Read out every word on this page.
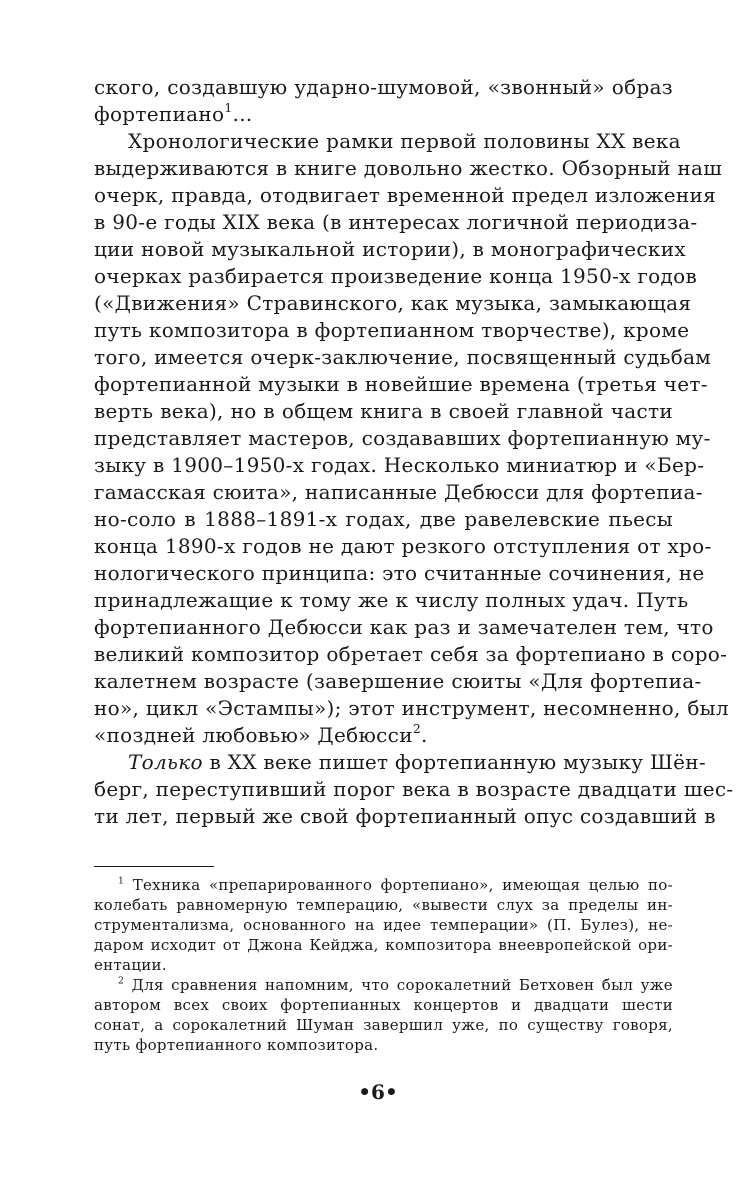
ского, создавшую ударно-шумовой, «звонный» образ
фортепиано$^1$...
Хронологические рамки первой половины XX века
выдерживаются в книге довольно жестко. Обзорный наш
очерк, правда, отодвигает временной предел изложения
в 90-е годы XIX века (в интересах логичной периодиза-
ции новой музыкальной истории), в монографических
очерках разбирается произведение конца 1950-х годов
(«Движения» Стравинского, как музыка, замыкающая
путь композитора в фортепианном творчестве), кроме
того, имеется очерк-заключение, посвященный судьбам
фортепианной музыки в новейшие времена (третья чет-
верть века), но в общем книга в своей главной части
представляет мастеров, создававших фортепианную му-
зыку в 1900–1950-х годах. Несколько миниатюр и «Бер-
гамасская сюита», написанные Дебюсси для фортепиа-
но-соло в 1888–1891-х годах, две равелевские пьесы
конца 1890-х годов не дают резкого отступления от хро-
нологического принципа: это считанные сочинения, не
принадлежащие к тому же к числу полных удач. Путь
фортепианного Дебюсси как раз и замечателен тем, что
великий композитор обретает себя за фортепиано в соро-
калетнем возрасте (завершение сюиты «Для фортепиа-
но», цикл «Эстампы»); этот инструмент, несомненно, был
«поздней любовью» Дебюсси$^2$.
Только в XX веке пишет фортепианную музыку Шён-
берг, переступивший порог века в возрасте двадцати шес-
ти лет, первый же свой фортепианный опус создавший в
$^1$ Техника «препарированного фортепиано», имеющая целью по-
колебать равномерную темперацию, «вывести слух за пределы ин-
струментализма, основанного на идее темперации» (П. Булез), не-
даром исходит от Джона Кейджа, композитора внеевропейской ори-
ентации.
$^2$ Для сравнения напомним, что сорокалетний Бетховен был уже
автором всех своих фортепианных концертов и двадцати шести
сонат, а сорокалетний Шуман завершил уже, по существу говоря,
путь фортепианного композитора.
•6•
